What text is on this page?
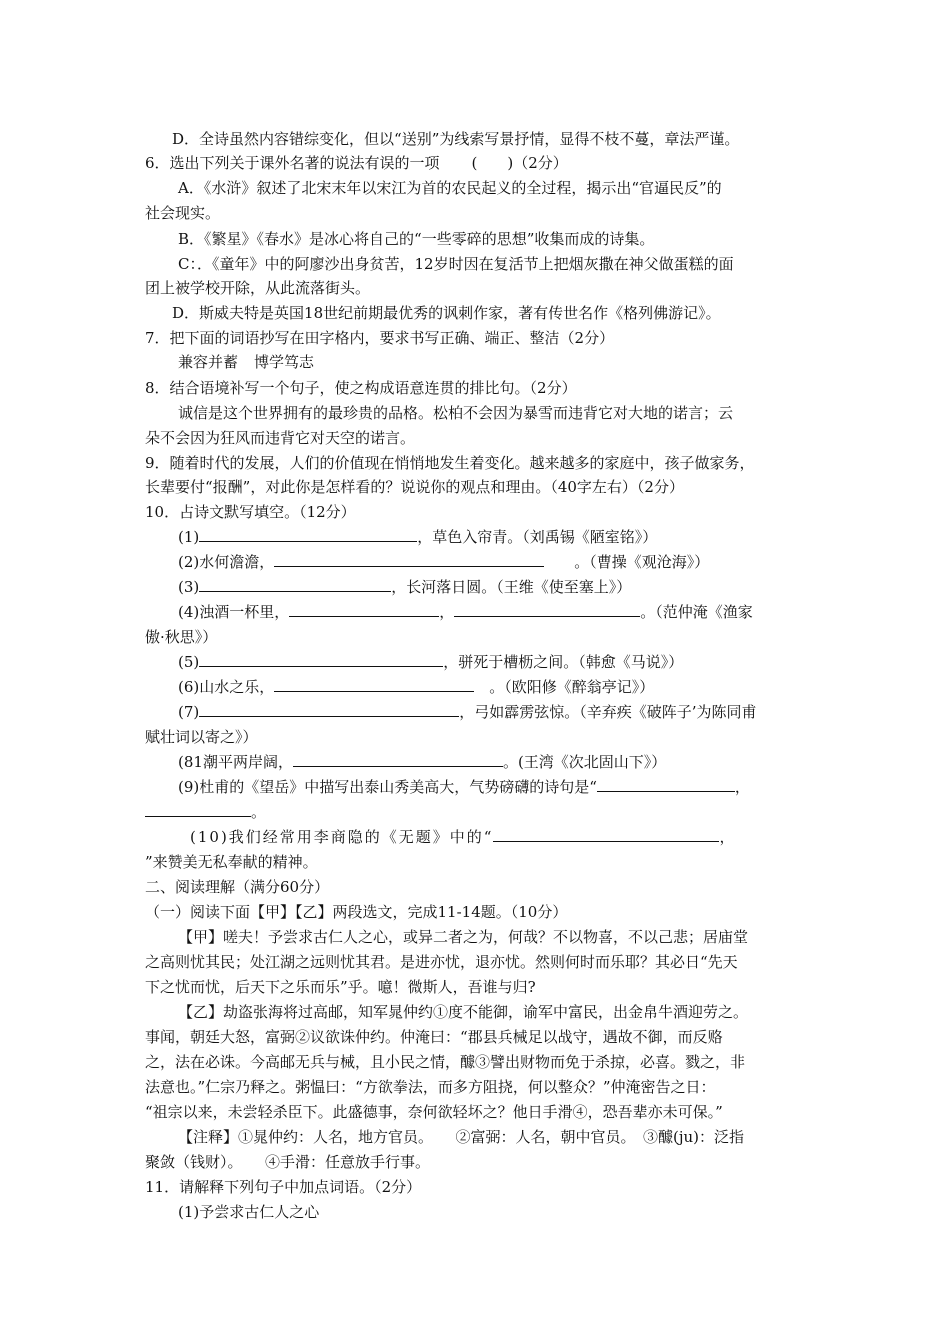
D．全诗虽然内容错综变化，但以“送别”为线索写景抒情，显得不枝不蔓，章法严谨。
6．选出下列关于课外名著的说法有误的一项 (　　)（2分）
A．《水浒》叙述了北宋末年以宋江为首的农民起义的全过程，揭示出“官逼民反”的
社会现实。
B．《繁星》《春水》是冰心将自己的“一些零碎的思想”收集而成的诗集。
C：．《童年》中的阿廖沙出身贫苦，12岁时因在复活节上把烟灰撒在神父做蛋糕的面
团上被学校开除，从此流落街头。
D．斯威夫特是英国18世纪前期最优秀的讽刺作家，著有传世名作《格列佛游记》。
7．把下面的词语抄写在田字格内，要求书写正确、端正、整洁（2分）
兼容并蓄 博学笃志
8．结合语境补写一个句子，使之构成语意连贯的排比句。（2分）
诚信是这个世界拥有的最珍贵的品格。松柏不会因为暴雪而违背它对大地的诺言；云
朵不会因为狂风而违背它对天空的诺言。
9．随着时代的发展，人们的价值现在悄悄地发生着变化。越来越多的家庭中，孩子做家务，
长辈要付“报酬”，对此你是怎样看的？说说你的观点和理由。（40字左右）（2分）
10．占诗文默写填空。（12分）
(1)	，草色入帘青。（刘禹锡《陋室铭》）
(2)水何澹澹，	　　。（曹操《观沧海》）
(3)	，长河落日圆。（王维《使至塞上》）
(4)浊酒一杯里，	，	。（范仲淹《渔家
傲·秋思》）
(5)	，骈死于槽枥之间。（韩愈《马说》）
(6)山水之乐，	　。（欧阳修《醉翁亭记》）
(7)	，弓如霹雳弦惊。（辛弃疾《破阵子’为陈同甫
赋壮词以寄之》）
(81潮平两岸阔，	。(王湾《次北固山下》）
(9)杜甫的《望岳》中描写出泰山秀美高大，气势磅礴的诗句是“	，
。
(10)我们经常用李商隐的《无题》中的“	，
”来赞美无私奉献的精神。
二、阅读理解（满分60分）
（一）阅读下面【甲】【乙】两段选文，完成11-14题。（10分）
【甲】嗟夫！予尝求古仁人之心，或异二者之为，何哉？不以物喜，不以己悲；居庙堂
之高则忧其民；处江湖之远则忧其君。是进亦忧，退亦忧。然则何时而乐耶？其必日“先天
下之忧而忧，后天下之乐而乐”乎。噫！微斯人，吾谁与归?
【乙】劫盗张海将过高邮，知军晁仲约①度不能御，谕军中富民，出金帛牛酒迎劳之。
事闻，朝廷大怒，富弼②议欲诛仲约。仲淹曰：“郡县兵械足以战守，遇故不御，而反赂
之，法在必诛。今高邮无兵与械，且小民之情，醵③譬出财物而免于杀掠，必喜。戮之，非
法意也。”仁宗乃释之。粥愠曰：“方欲拳法，而多方阻挠，何以整众？”仲淹密告之日：
“祖宗以来，未尝轻杀臣下。此盛德事，奈何欲轻坏之？他日手滑④，恐吾辈亦未可保。”
【注释】①晁仲约：人名，地方官员。　　②富弼：人名，朝中官员。　③醵(ju)：泛指
聚敛（钱财）。　　④手滑：任意放手行事。
11．请解释下列句子中加点词语。（2分）
(1)予尝求古仁人之心
